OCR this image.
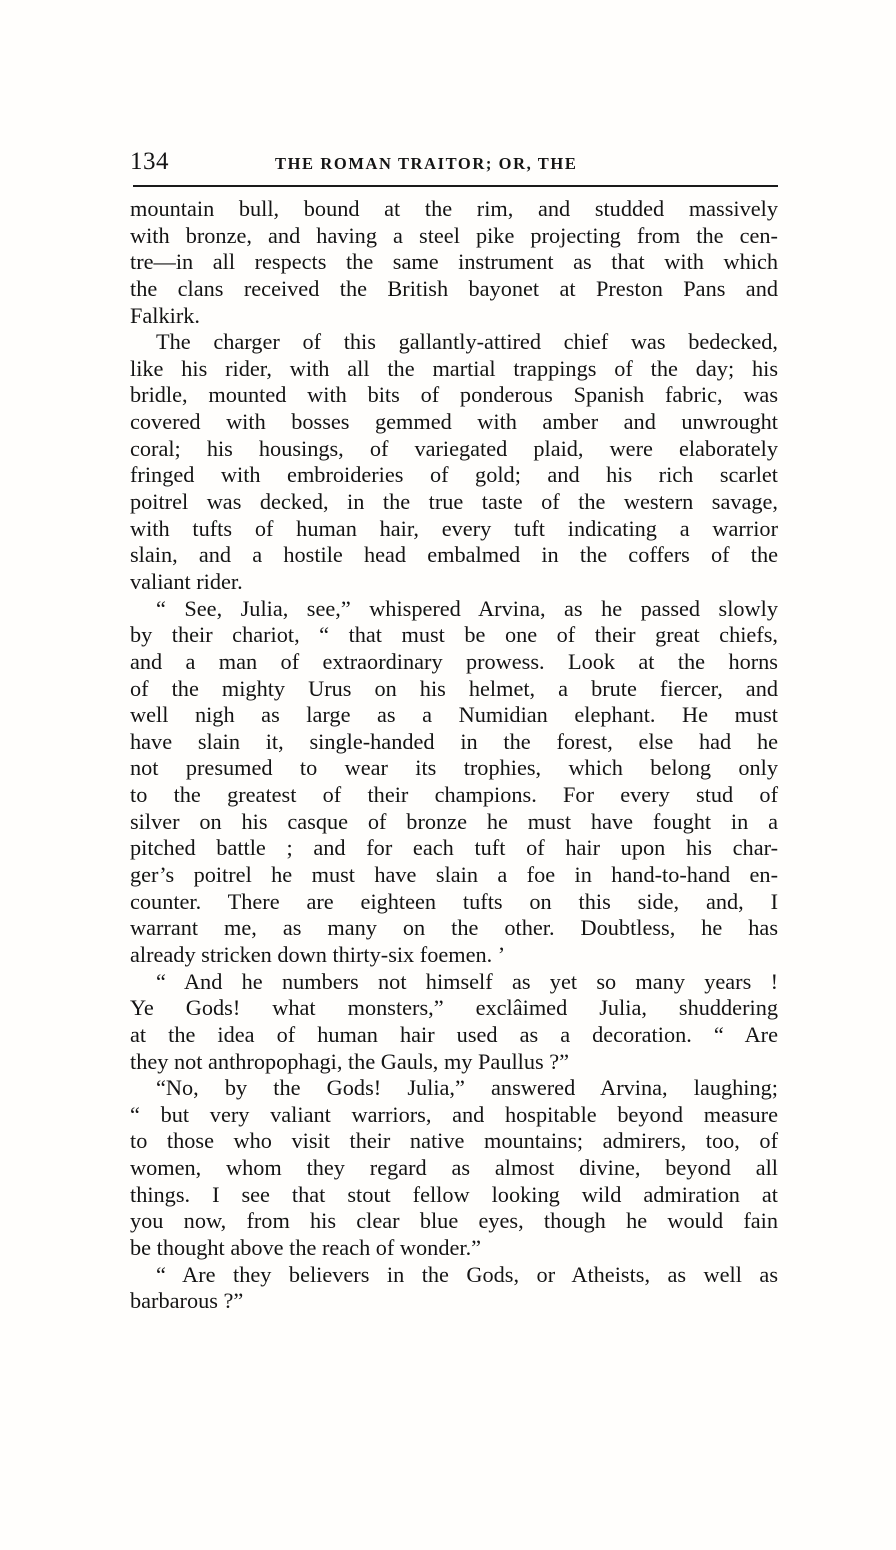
134	THE ROMAN TRAITOR; OR, THE
mountain bull, bound at the rim, and studded massively
with bronze, and having a steel pike projecting from the cen-
tre—in all respects the same instrument as that with which
the clans received the British bayonet at Preston Pans and
Falkirk.
The charger of this gallantly-attired chief was bedecked,
like his rider, with all the martial trappings of the day; his
bridle, mounted with bits of ponderous Spanish fabric, was
covered with bosses gemmed with amber and unwrought
coral; his housings, of variegated plaid, were elaborately
fringed with embroideries of gold; and his rich scarlet
poitrel was decked, in the true taste of the western savage,
with tufts of human hair, every tuft indicating a warrior
slain, and a hostile head embalmed in the coffers of the
valiant rider.
“ See, Julia, see,” whispered Arvina, as he passed slowly
by their chariot, “ that must be one of their great chiefs,
and a man of extraordinary prowess. Look at the horns
of the mighty Urus on his helmet, a brute fiercer, and
well nigh as large as a Numidian elephant. He must
have slain it, single-handed in the forest, else had he
not presumed to wear its trophies, which belong only
to the greatest of their champions. For every stud of
silver on his casque of bronze he must have fought in a
pitched battle ; and for each tuft of hair upon his char-
ger’s poitrel he must have slain a foe in hand-to-hand en-
counter. There are eighteen tufts on this side, and, I
warrant me, as many on the other. Doubtless, he has
already stricken down thirty-six foemen. ’
“ And he numbers not himself as yet so many years !
Ye Gods! what monsters,” exclâimed Julia, shuddering
at the idea of human hair used as a decoration. “ Are
they not anthropophagi, the Gauls, my Paullus ?”
“No, by the Gods! Julia,” answered Arvina, laughing;
“ but very valiant warriors, and hospitable beyond measure
to those who visit their native mountains; admirers, too, of
women, whom they regard as almost divine, beyond all
things. I see that stout fellow looking wild admiration at
you now, from his clear blue eyes, though he would fain
be thought above the reach of wonder.”
“ Are they believers in the Gods, or Atheists, as well as
barbarous ?”
